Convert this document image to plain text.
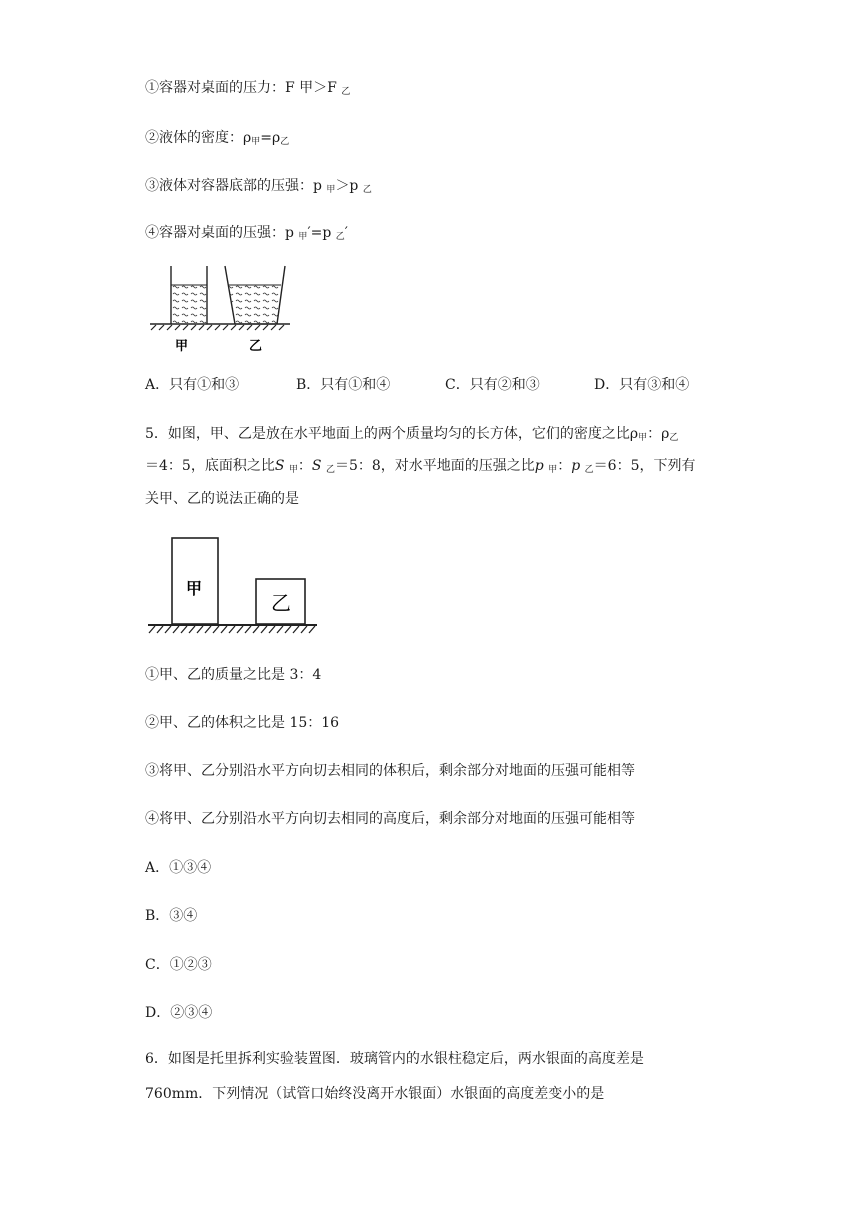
①容器对桌面的压力：F 甲＞F $_乙$
②液体的密度：$\rho_甲=\rho_乙$
③液体对容器底部的压强：p $_甲$＞p $_乙$
④容器对桌面的压强：p $_甲$′=p $_乙$′
甲	乙
A．只有①和③	B．只有①和④	C．只有②和③	D．只有③和④
5．如图，甲、乙是放在水平地面上的两个质量均匀的长方体，它们的密度之比$\rho_甲$：$\rho_乙$
＝4：5，底面积之比S $_甲$：S $_乙$＝5：8，对水平地面的压强之比p $_甲$：p $_乙$＝6：5，下列有
关甲、乙的说法正确的是
甲
乙
①甲、乙的质量之比是 3：4
②甲、乙的体积之比是 15：16
③将甲、乙分别沿水平方向切去相同的体积后，剩余部分对地面的压强可能相等
④将甲、乙分别沿水平方向切去相同的高度后，剩余部分对地面的压强可能相等
A．①③④
B．③④
C．①②③
D．②③④
6．如图是托里拆利实验装置图．玻璃管内的水银柱稳定后，两水银面的高度差是
760mm．下列情况（试管口始终没离开水银面）水银面的高度差变小的是
